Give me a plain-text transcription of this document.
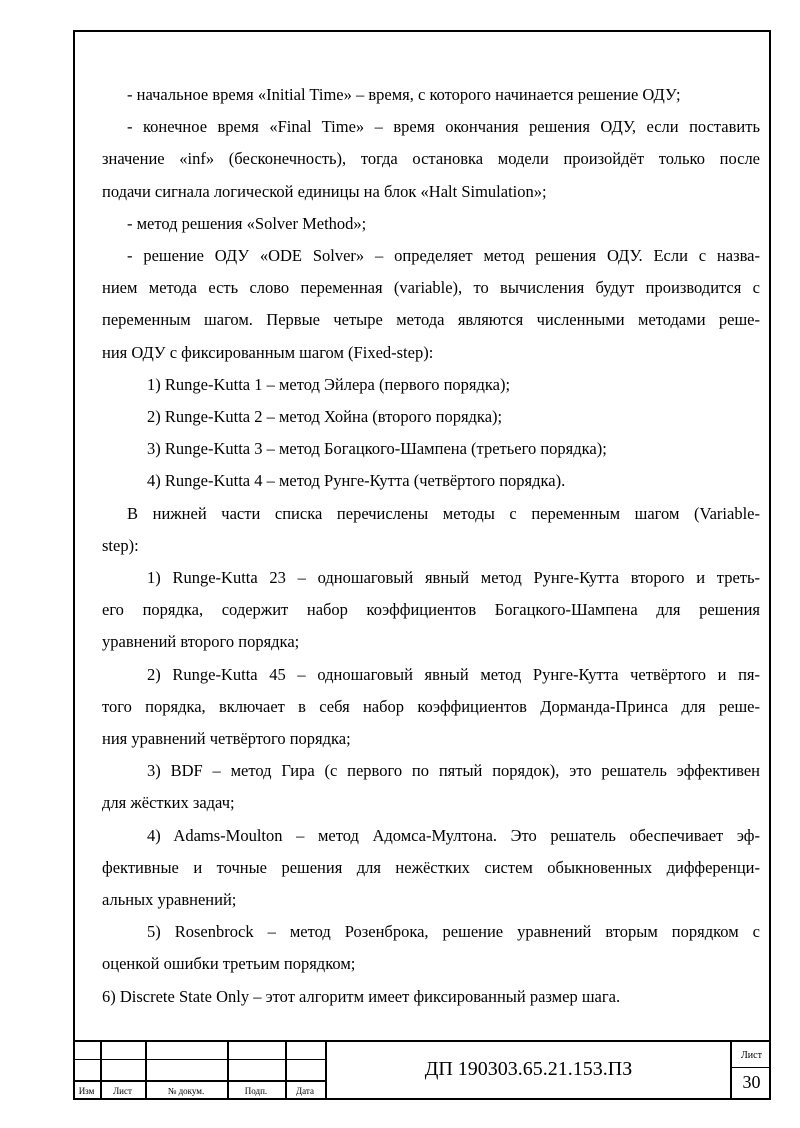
- начальное время «Initial Time» – время, с которого начинается решение ОДУ;
- конечное время «Final Time» – время окончания решения ОДУ, если поставить
значение «inf» (бесконечность), тогда остановка модели произойдёт только после
подачи сигнала логической единицы на блок «Halt Simulation»;
- метод решения «Solver Method»;
- решение ОДУ «ODE Solver» – определяет метод решения ОДУ. Если с назва-
нием метода есть слово переменная (variable), то вычисления будут производится с
переменным шагом. Первые четыре метода являются численными методами реше-
ния ОДУ с фиксированным шагом (Fixed-step):
1) Runge-Kutta 1 – метод Эйлера (первого порядка);
2) Runge-Kutta 2 – метод Хойна (второго порядка);
3) Runge-Kutta 3 – метод Богацкого-Шампена (третьего порядка);
4) Runge-Kutta 4 – метод Рунге-Кутта (четвёртого порядка).
В нижней части списка перечислены методы с переменным шагом (Variable-
step):
1) Runge-Kutta 23 – одношаговый явный метод Рунге-Кутта второго и треть-
его порядка, содержит набор коэффициентов Богацкого-Шампена для решения
уравнений второго порядка;
2) Runge-Kutta 45 – одношаговый явный метод Рунге-Кутта четвёртого и пя-
того порядка, включает в себя набор коэффициентов Дорманда-Принса для реше-
ния уравнений четвёртого порядка;
3) BDF – метод Гира (с первого по пятый порядок), это решатель эффективен
для жёстких задач;
4) Adams-Moulton – метод Адомса-Мултона. Это решатель обеспечивает эф-
фективные и точные решения для нежёстких систем обыкновенных дифференци-
альных уравнений;
5) Rosenbrock – метод Розенброка, решение уравнений вторым порядком с
оценкой ошибки третьим порядком;
6) Discrete State Only – этот алгоритм имеет фиксированный размер шага.
Изм	Лист	№ докум.	Подп.	Дата
ДП 190303.65.21.153.ПЗ
Лист
30
